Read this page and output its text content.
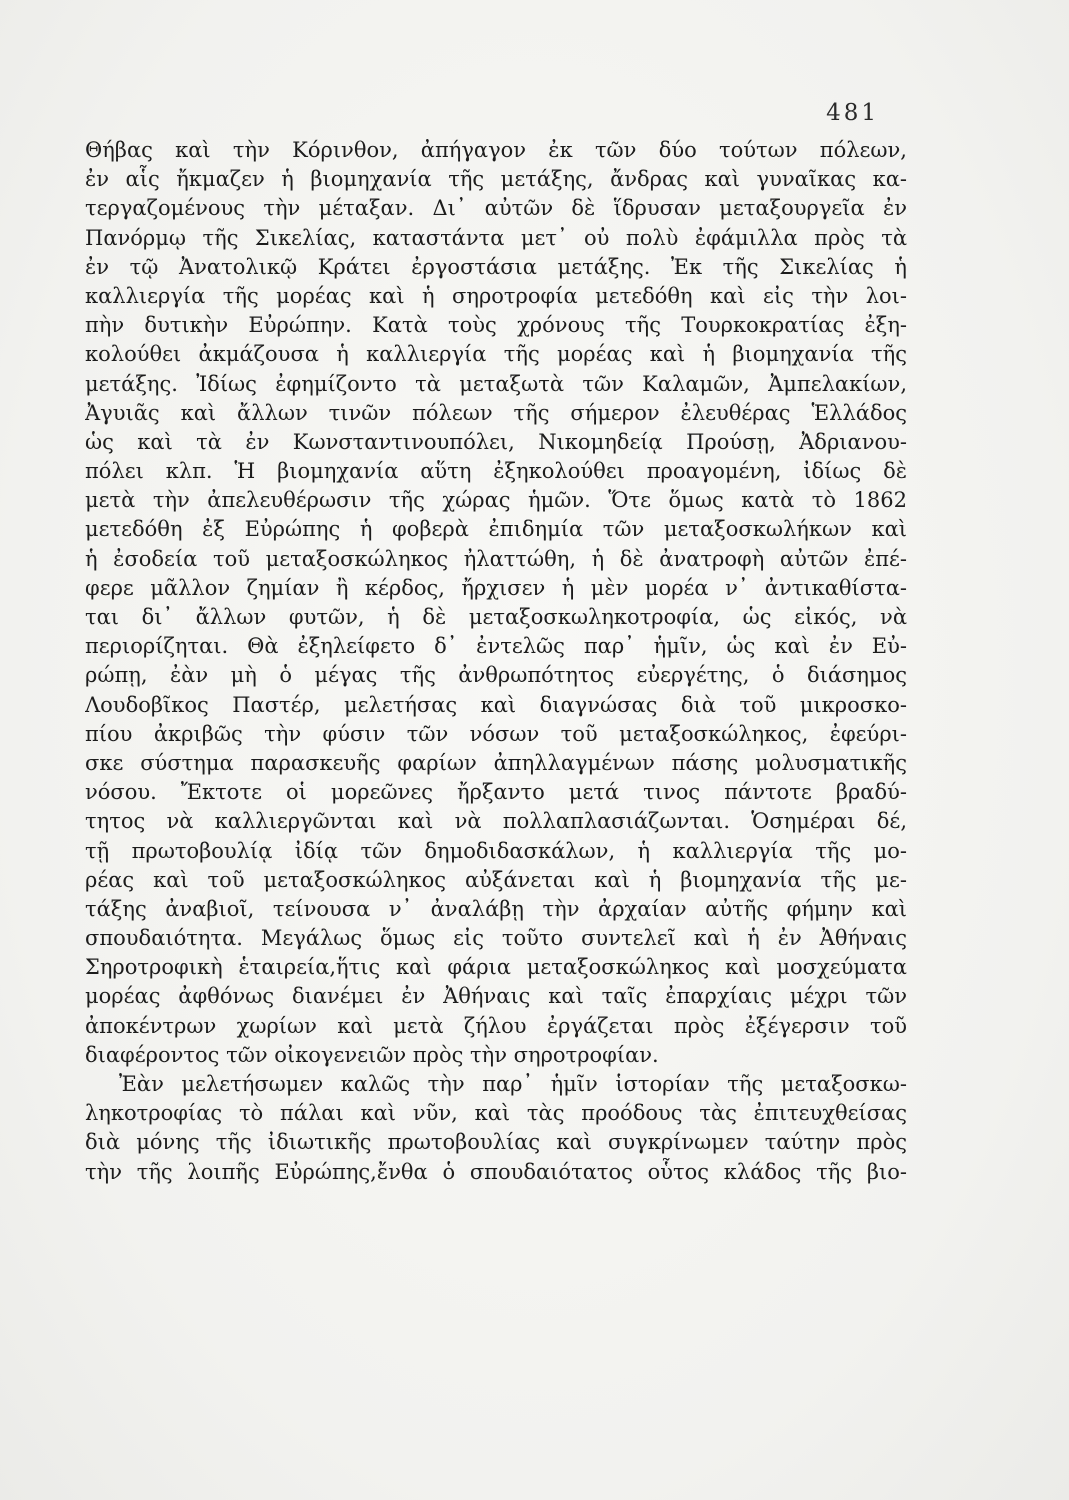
481
Θήβας καὶ τὴν Κόρινθον, ἀπήγαγον ἐκ τῶν δύο τούτων πόλεων,
ἐν αἷς ἤκμαζεν ἡ βιομηχανία τῆς μετάξης, ἄνδρας καὶ γυναῖκας κα-
τεργαζομένους τὴν μέταξαν. Δι᾽ αὐτῶν δὲ ἵδρυσαν μεταξουργεῖα ἐν
Πανόρμῳ τῆς Σικελίας, καταστάντα μετ᾽ οὐ πολὺ ἐφάμιλλα πρὸς τὰ
ἐν τῷ Ἀνατολικῷ Κράτει ἐργοστάσια μετάξης. Ἐκ τῆς Σικελίας ἡ
καλλιεργία τῆς μορέας καὶ ἡ σηροτροφία μετεδόθη καὶ εἰς τὴν λοι-
πὴν δυτικὴν Εὐρώπην. Κατὰ τοὺς χρόνους τῆς Τουρκοκρατίας ἐξη-
κολούθει ἀκμάζουσα ἡ καλλιεργία τῆς μορέας καὶ ἡ βιομηχανία τῆς
μετάξης. Ἰδίως ἐφημίζοντο τὰ μεταξωτὰ τῶν Καλαμῶν, Ἀμπελακίων,
Ἀγυιᾶς καὶ ἄλλων τινῶν πόλεων τῆς σήμερον ἐλευθέρας Ἑλλάδος
ὡς καὶ τὰ ἐν Κωνσταντινουπόλει, Νικομηδείᾳ Προύσῃ, Ἀδριανου-
πόλει κλπ. Ἡ βιομηχανία αὕτη ἐξηκολούθει προαγομένη, ἰδίως δὲ
μετὰ τὴν ἀπελευθέρωσιν τῆς χώρας ἡμῶν. Ὅτε ὅμως κατὰ τὸ 1862
μετεδόθη ἐξ Εὐρώπης ἡ φοβερὰ ἐπιδημία τῶν μεταξοσκωλήκων καὶ
ἡ ἐσοδεία τοῦ μεταξοσκώληκος ἠλαττώθη, ἡ δὲ ἀνατροφὴ αὐτῶν ἐπέ-
φερε μᾶλλον ζημίαν ἢ κέρδος, ἤρχισεν ἡ μὲν μορέα ν᾽ ἀντικαθίστα-
ται δι᾽ ἄλλων φυτῶν, ἡ δὲ μεταξοσκωληκοτροφία, ὡς εἰκός, νὰ
περιορίζηται. Θὰ ἐξηλείφετο δ᾽ ἐντελῶς παρ᾽ ἡμῖν, ὡς καὶ ἐν Εὐ-
ρώπῃ, ἐὰν μὴ ὁ μέγας τῆς ἀνθρωπότητος εὐεργέτης, ὁ διάσημος
Λουδοβῖκος Παστέρ, μελετήσας καὶ διαγνώσας διὰ τοῦ μικροσκο-
πίου ἀκριβῶς τὴν φύσιν τῶν νόσων τοῦ μεταξοσκώληκος, ἐφεύρι-
σκε σύστημα παρασκευῆς φαρίων ἀπηλλαγμένων πάσης μολυσματικῆς
νόσου. Ἔκτοτε οἱ μορεῶνες ἤρξαντο μετά τινος πάντοτε βραδύ-
τητος νὰ καλλιεργῶνται καὶ νὰ πολλαπλασιάζωνται. Ὁσημέραι δέ,
τῇ πρωτοβουλίᾳ ἰδίᾳ τῶν δημοδιδασκάλων, ἡ καλλιεργία τῆς μο-
ρέας καὶ τοῦ μεταξοσκώληκος αὐξάνεται καὶ ἡ βιομηχανία τῆς με-
τάξης ἀναβιοῖ, τείνουσα ν᾽ ἀναλάβῃ τὴν ἀρχαίαν αὐτῆς φήμην καὶ
σπουδαιότητα. Μεγάλως ὅμως εἰς τοῦτο συντελεῖ καὶ ἡ ἐν Ἀθήναις
Σηροτροφικὴ ἑταιρεία,ἥτις καὶ φάρια μεταξοσκώληκος καὶ μοσχεύματα
μορέας ἀφθόνως διανέμει ἐν Ἀθήναις καὶ ταῖς ἐπαρχίαις μέχρι τῶν
ἀποκέντρων χωρίων καὶ μετὰ ζήλου ἐργάζεται πρὸς ἐξέγερσιν τοῦ
διαφέροντος τῶν οἰκογενειῶν πρὸς τὴν σηροτροφίαν.
Ἐὰν μελετήσωμεν καλῶς τὴν παρ᾽ ἡμῖν ἱστορίαν τῆς μεταξοσκω-
ληκοτροφίας τὸ πάλαι καὶ νῦν, καὶ τὰς προόδους τὰς ἐπιτευχθείσας
διὰ μόνης τῆς ἰδιωτικῆς πρωτοβουλίας καὶ συγκρίνωμεν ταύτην πρὸς
τὴν τῆς λοιπῆς Εὐρώπης,ἔνθα ὁ σπουδαιότατος οὗτος κλάδος τῆς βιο-
